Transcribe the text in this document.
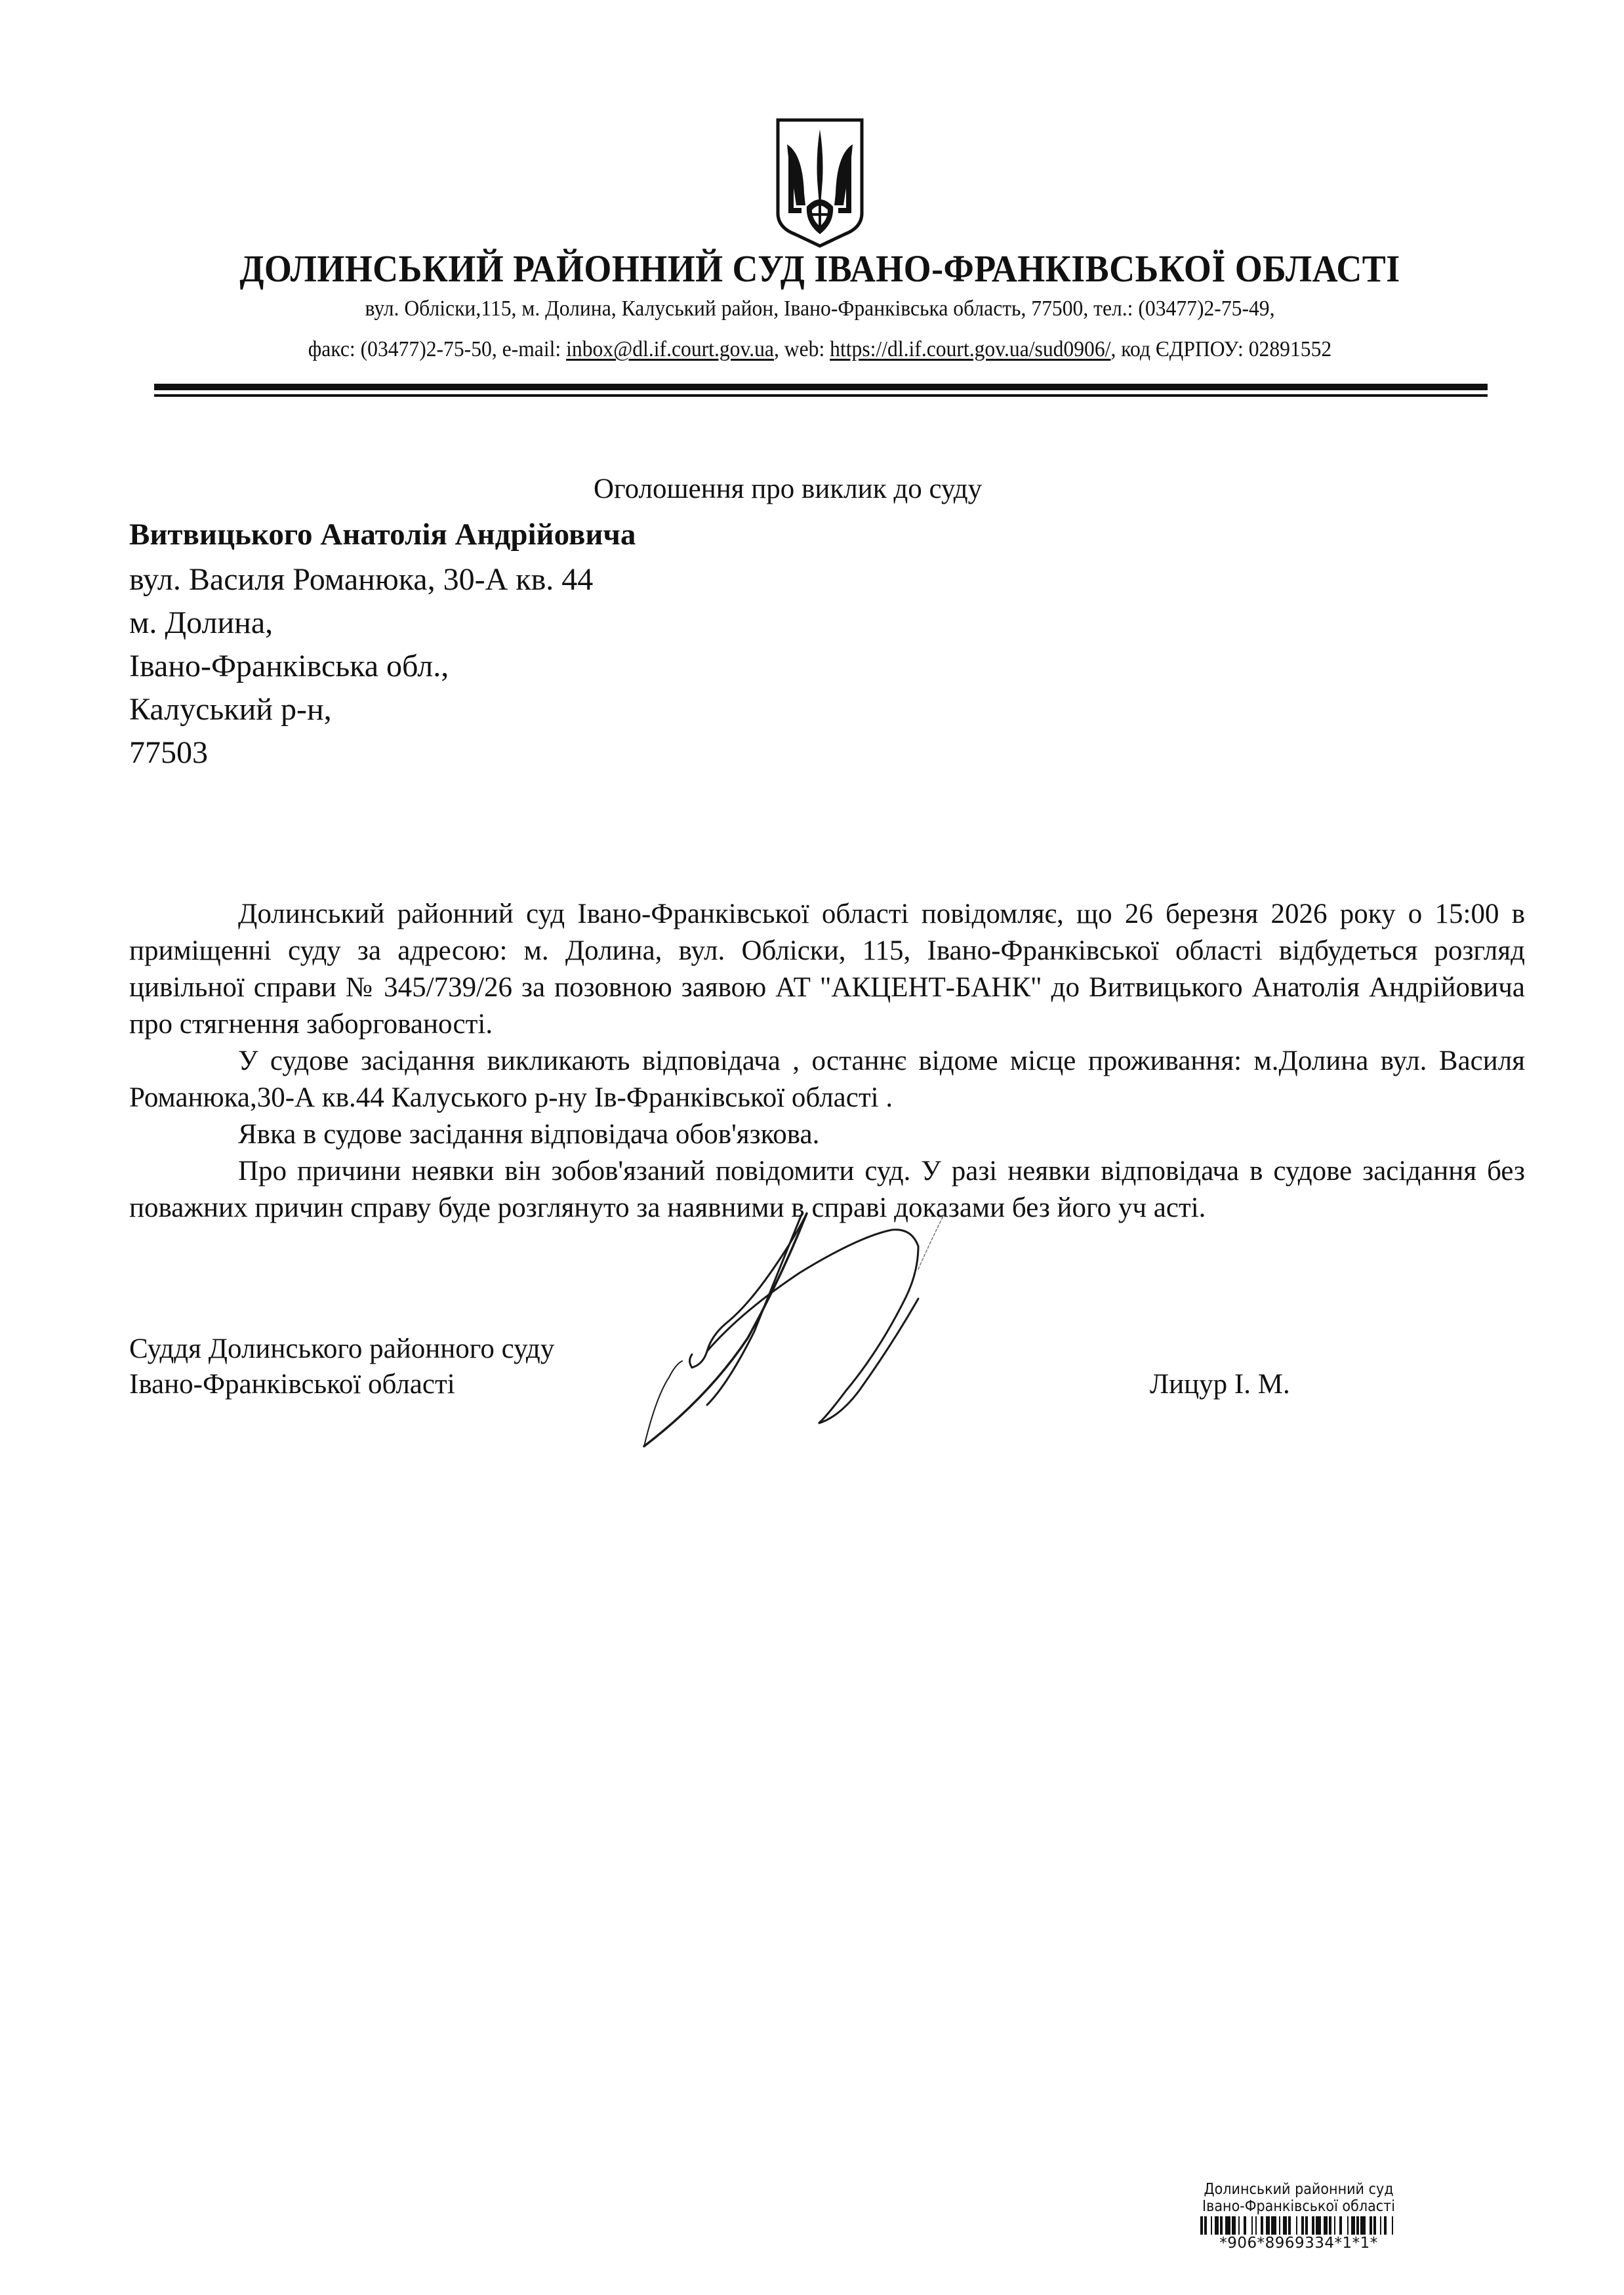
ДОЛИНСЬКИЙ РАЙОННИЙ СУД ІВАНО-ФРАНКІВСЬКОЇ ОБЛАСТІ
вул. Обліски,115, м. Долина, Калуський район, Івано-Франківська область, 77500, тел.: (03477)2-75-49,
факс: (03477)2-75-50, e-mail: inbox@dl.if.court.gov.ua, web: https://dl.if.court.gov.ua/sud0906/, код ЄДРПОУ: 02891552
Оголошення про виклик до суду
Витвицького Анатолія Андрійовича
вул. Василя Романюка, 30-А кв. 44
м. Долина,
Івано-Франківська обл.,
Калуський р-н,
77503

Долинський районний суд Івано-Франківської області повідомляє, що 26 березня 2026 року о 15:00 в приміщенні суду за адресою: м. Долина, вул. Обліски, 115, Івано-Франківської області відбудеться розгляд цивільної справи № 345/739/26 за позовною заявою АТ "АКЦЕНТ-БАНК" до Витвицького Анатолія Андрійовича про стягнення заборгованості.

У судове засідання викликають відповідача , останнє відоме місце проживання: м.Долина вул. Василя Романюка,30-А кв.44 Калуського р-ну Ів-Франківської області .

Явка в судове засідання відповідача обов'язкова.

Про причини неявки він зобов'язаний повідомити суд. У разі неявки відповідача в судове засідання без поважних причин справу буде розглянуто за наявними в справі доказами без його уч асті.

Суддя Долинського районного суду
Івано-Франківської області	Лицур І. М.
Долинський районний суд
Івано-Франківської області
*906*8969334*1*1*
